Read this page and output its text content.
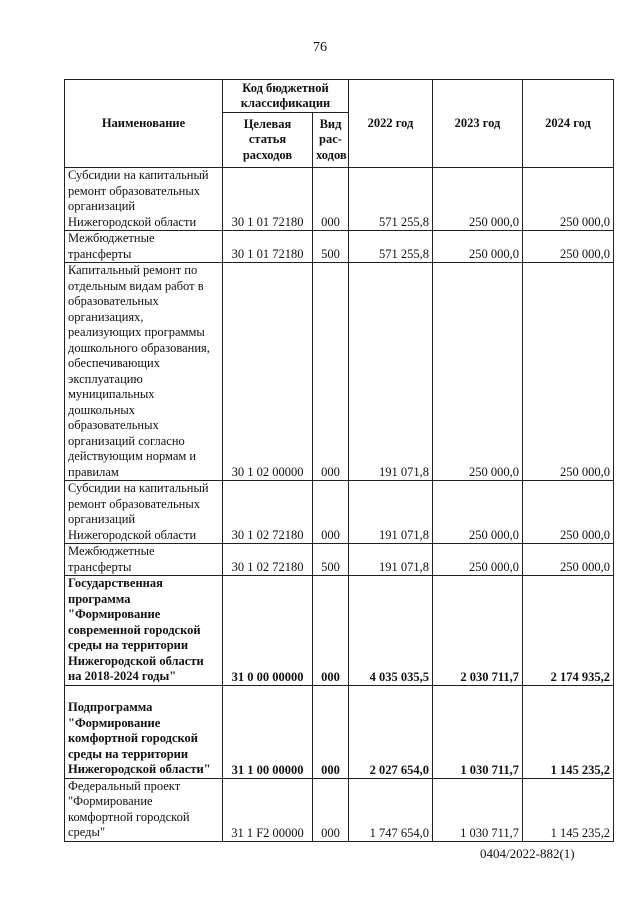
76
Наименование	Код бюджетной классификации		2022 год	2023 год	2024 год
	Целевая статья расходов	Вид рас-ходов			
Субсидии на капитальный ремонт образовательных организаций Нижегородской области	30 1 01 72180	000	571 255,8	250 000,0	250 000,0
Межбюджетные трансферты	30 1 01 72180	500	571 255,8	250 000,0	250 000,0
Капитальный ремонт по отдельным видам работ в образовательных организациях, реализующих программы дошкольного образования, обеспечивающих эксплуатацию муниципальных дошкольных образовательных организаций согласно действующим нормам и правилам	30 1 02 00000	000	191 071,8	250 000,0	250 000,0
Субсидии на капитальный ремонт образовательных организаций Нижегородской области	30 1 02 72180	000	191 071,8	250 000,0	250 000,0
Межбюджетные трансферты	30 1 02 72180	500	191 071,8	250 000,0	250 000,0
Государственная программа "Формирование современной городской среды на территории Нижегородской области на 2018-2024 годы"	31 0 00 00000	000	4 035 035,5	2 030 711,7	2 174 935,2
Подпрограмма "Формирование комфортной городской среды на территории Нижегородской области"	31 1 00 00000	000	2 027 654,0	1 030 711,7	1 145 235,2
Федеральный проект "Формирование комфортной городской среды"	31 1 F2 00000	000	1 747 654,0	1 030 711,7	1 145 235,2
0404/2022-882(1)
